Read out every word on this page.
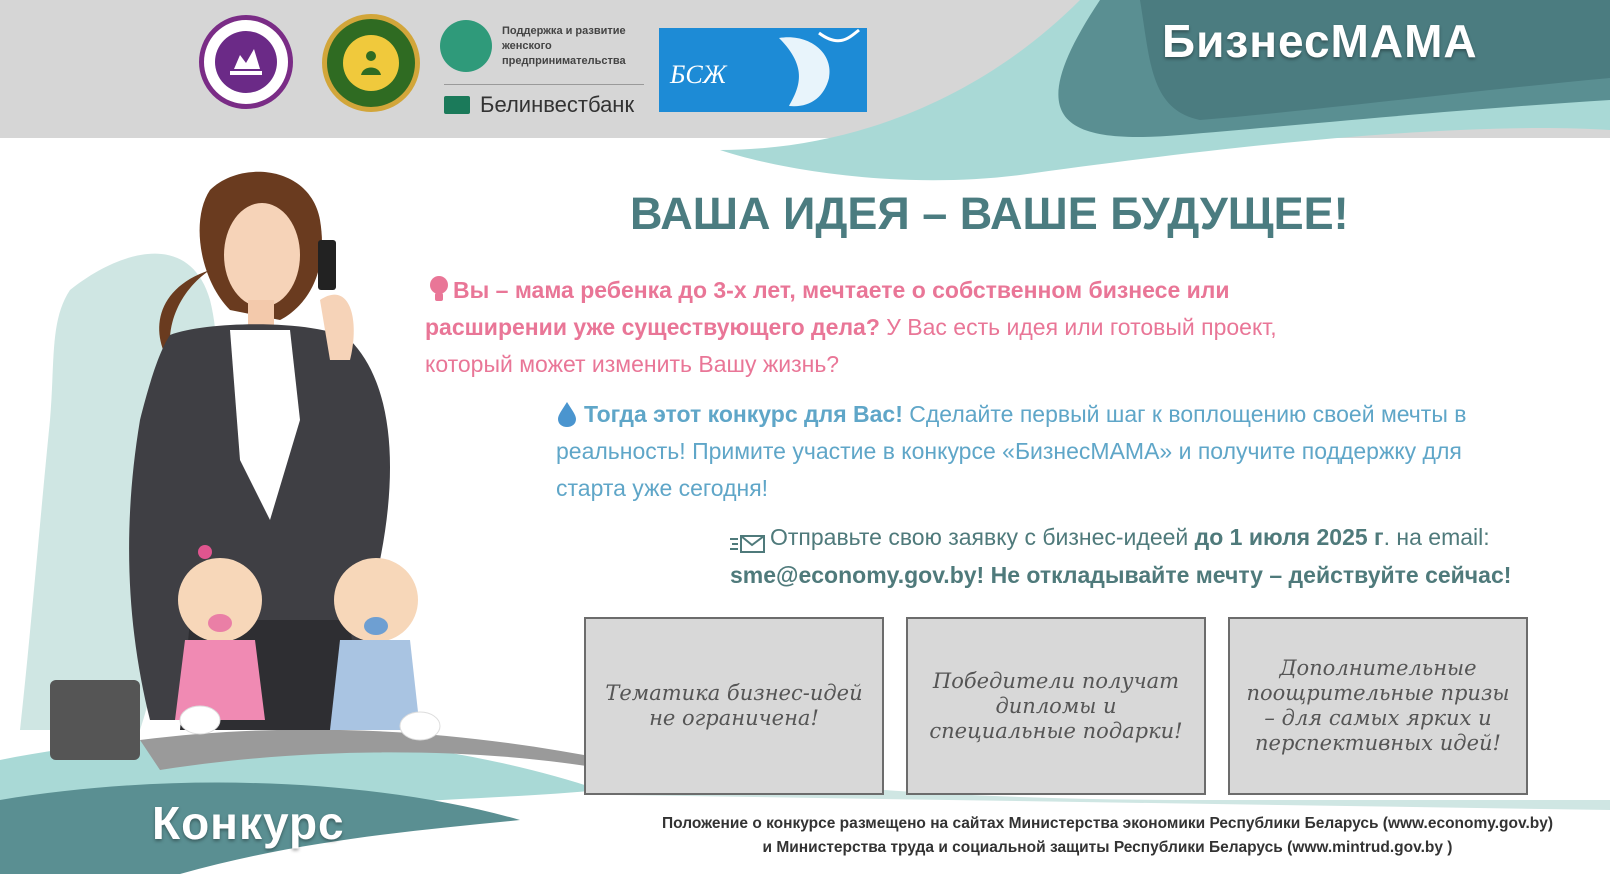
Поддержка и развитие женского предпринимательства
Белинвестбанк
БСЖ
БизнесМАМА
ВАША ИДЕЯ – ВАШЕ БУДУЩЕЕ!
Вы – мама ребенка до 3-х лет, мечтаете о собственном бизнесе или расширении уже существующего дела? У Вас есть идея или готовый проект, который может изменить Вашу жизнь?
Тогда этот конкурс для Вас! Сделайте первый шаг к воплощению своей мечты в реальность! Примите участие в конкурсе «БизнесМАМА» и получите поддержку для старта уже сегодня!
Отправьте свою заявку с бизнес-идеей до 1 июля 2025 г. на email:
sme@economy.gov.by! Не откладывайте мечту – действуйте сейчас!
Тематика бизнес-идей не ограничена!
Победители получат дипломы и специальные подарки!
Дополнительные поощрительные призы – для самых ярких и перспективных идей!
Положение о конкурсе размещено на сайтах Министерства экономики Республики Беларусь (www.economy.gov.by)
и Министерства труда и социальной защиты Республики Беларусь (www.mintrud.gov.by )
Конкурс
